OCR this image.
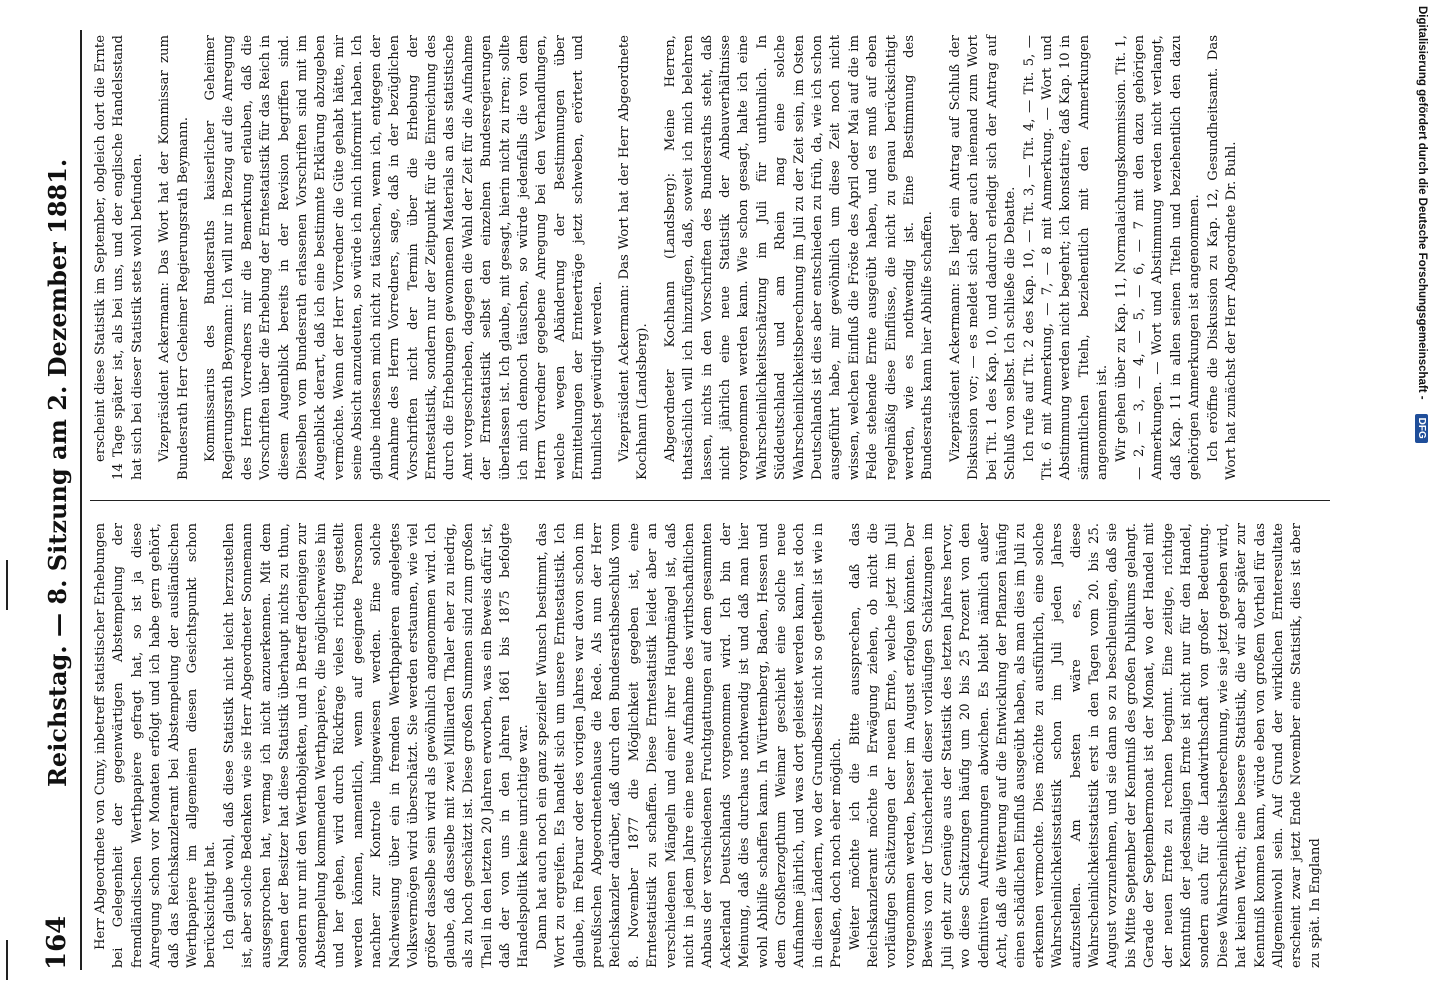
164
Reichstag. — 8. Sitzung am 2. Dezember 1881.

Herr Abgeordnete von Cuny, inbetreff statistischer Erhebungen bei Gelegenheit der gegenwärtigen Abstempelung der fremdländischen Werthpapiere gefragt hat, so ist ja diese Anregung schon vor Monaten erfolgt und ich habe gern gehört, daß das Reichskanzleramt bei Abstempelung der ausländischen Werthpapiere im allgemeinen diesen Gesichtspunkt schon berücksichtigt hat. Ich glaube wohl, daß diese Statistik nicht leicht herzustellen ist, aber solche Bedenken wie sie Herr Abgeordneter Sonnemann ausgesprochen hat, vermag ich nicht anzuerkennen. Mit dem Namen der Besitzer hat diese Statistik überhaupt nichts zu thun, sondern nur mit den Werthobjekten, und in Betreff derjenigen zur Abstempelung kommenden Werthpapiere, die möglicherweise hin und her gehen, wird durch Rückfrage vieles richtig gestellt werden können, namentlich, wenn auf geeignete Personen nachher zur Kontrole hingewiesen werden. Eine solche Nachweisung über ein in fremden Werthpapieren angelegtes Volksvermögen wird überschätzt. Sie werden erstaunen, wie viel größer dasselbe sein wird als gewöhnlich angenommen wird. Ich glaube, daß dasselbe mit zwei Milliarden Thaler eher zu niedrig, als zu hoch geschätzt ist. Diese großen Summen sind zum großen Theil in den letzten 20 Jahren erworben, was ein Beweis dafür ist, daß der von uns in den Jahren 1861 bis 1875 befolgte Handelspolitik keine unrichtige war. Dann hat auch noch ein ganz spezieller Wunsch bestimmt, das Wort zu ergreifen. Es handelt sich um unsere Erntestatistik. Ich glaube, im Februar oder des vorigen Jahres war davon schon im preußischen Abgeordnetenhause die Rede. Als nun der Herr Reichskanzler darüber, daß durch den Bundesrathsbeschluß vom 8. November 1877 die Möglichkeit gegeben ist, eine Erntestatistik zu schaffen. Diese Erntestatistik leidet aber an verschiedenen Mängeln und einer ihrer Hauptmängel ist, daß nicht in jedem Jahre eine neue Aufnahme des wirthschaftlichen Anbaus der verschiedenen Fruchtgattungen auf dem gesammten Ackerland Deutschlands vorgenommen wird. Ich bin der Meinung, daß dies durchaus nothwendig ist und daß man hier wohl Abhilfe schaffen kann. In Württemberg, Baden, Hessen und dem Großherzogthum Weimar geschieht eine solche neue Aufnahme jährlich, und was dort geleistet werden kann, ist doch in diesen Ländern, wo der Grundbesitz nicht so getheilt ist wie in Preußen, doch noch eher möglich. Weiter möchte ich die Bitte aussprechen, daß das Reichskanzleramt möchte in Erwägung ziehen, ob nicht die vorläufigen Schätzungen der neuen Ernte, welche jetzt im Juli vorgenommen werden, besser im August erfolgen könnten. Der Beweis von der Unsicherheit dieser vorläufigen Schätzungen im Juli geht zur Genüge aus der Statistik des letzten Jahres hervor, wo diese Schätzungen häufig um 20 bis 25 Prozent von den definitiven Aufrechnungen abwichen. Es bleibt nämlich außer Acht, daß die Witterung auf die Entwicklung der Pflanzen häufig einen schädlichen Einfluß ausgeübt haben, als man dies im Juli zu erkennen vermochte. Dies möchte zu ausführlich, eine solche Wahrscheinlichkeitsstatistik schon im Juli jeden Jahres aufzustellen. Am besten wäre es, diese Wahrscheinlichkeitsstatistik erst in den Tagen vom 20. bis 25. August vorzunehmen, und sie dann so zu beschleunigen, daß sie bis Mitte September der Kenntniß des großen Publikums gelangt. Gerade der Septembermonat ist der Monat, wo der Handel mit der neuen Ernte zu rechnen beginnt. Eine zeitige, richtige Kenntniß der jedesmaligen Ernte ist nicht nur für den Handel, sondern auch für die Landwirthschaft von großer Bedeutung. Diese Wahrscheinlichkeitsberechnung, wie sie jetzt gegeben wird, hat keinen Werth; eine bessere Statistik, die wir aber später zur Kenntniß kommen kann, würde eben von großem Vortheil für das Allgemeinwohl sein. Auf Grund der wirklichen Ernteresultate erscheint zwar jetzt Ende November eine Statistik, dies ist aber zu spät. In England

erscheint diese Statistik im September, obgleich dort die Ernte 14 Tage später ist, als bei uns, und der englische Handelsstand hat sich bei dieser Statistik stets wohl befunden. Vizepräsident Ackermann: Das Wort hat der Kommissar zum Bundesrath Herr Geheimer Regierungsrath Beymann. Kommissarius des Bundesraths kaiserlicher Geheimer Regierungsrath Beymann: Ich will nur in Bezug auf die Anregung des Herrn Vorredners mir die Bemerkung erlauben, daß die Vorschriften über die Erhebung der Erntestatistik für das Reich in diesem Augenblick bereits in der Revision begriffen sind. Dieselben vom Bundesrath erlassenen Vorschriften sind mit im Augenblick derart, daß ich eine bestimmte Erklärung abzugeben vermöchte. Wenn der Herr Vorredner die Güte gehabt hätte, mir seine Absicht anzudeuten, so würde ich mich informirt haben. Ich glaube indessen mich nicht zu täuschen, wenn ich, entgegen der Annahme des Herrn Vorredners, sage, daß in der bezüglichen Vorschriften nicht der Termin über die Erhebung der Erntestatistik, sondern nur der Zeitpunkt für die Einreichung des durch die Erhebungen gewonnenen Materials an das statistische Amt vorgeschrieben, dagegen die Wahl der Zeit für die Aufnahme der Erntestatistik selbst den einzelnen Bundesregierungen überlassen ist. Ich glaube, mit gesagt, hierin nicht zu irren; sollte ich mich dennoch täuschen, so würde jedenfalls die von dem Herrn Vorredner gegebene Anregung bei den Verhandlungen, welche wegen Abänderung der Bestimmungen über Ermittelungen der Ernteerträge jetzt schweben, erörtert und thunlichst gewürdigt werden. Vizepräsident Ackermann: Das Wort hat der Herr Abgeordnete Kochhann (Landsberg). Abgeordneter Kochhann (Landsberg): Meine Herren, thatsächlich will ich hinzufügen, daß, soweit ich mich belehren lassen, nichts in den Vorschriften des Bundesraths steht, daß nicht jährlich eine neue Statistik der Anbauverhältnisse vorgenommen werden kann. Wie schon gesagt, halte ich eine Wahrscheinlichkeitsschätzung im Juli für unthunlich. In Süddeutschland und am Rhein mag eine solche Wahrscheinlichkeitsberechnung im Juli zu der Zeit sein, im Osten Deutschlands ist dies aber entschieden zu früh, da, wie ich schon ausgeführt habe, mir gewöhnlich um diese Zeit noch nicht wissen, welchen Einfluß die Fröste des April oder Mai auf die im Felde stehende Ernte ausgeübt haben, und es muß auf eben regelmäßig diese Einflüsse, die nicht zu genau berücksichtigt werden, wie es nothwendig ist. Eine Bestimmung des Bundesraths kann hier Abhilfe schaffen. Vizepräsident Ackermann: Es liegt ein Antrag auf Schluß der Diskussion vor; — es meldet sich aber auch niemand zum Wort bei Tit. 1 des Kap. 10, und dadurch erledigt sich der Antrag auf Schluß von selbst. Ich schließe die Debatte. Ich rufe auf Tit. 2 des Kap. 10, — Tit. 3, — Tit. 4, — Tit. 5, — Tit. 6 mit Anmerkung, — 7, — 8 mit Anmerkung. — Wort und Abstimmung werden nicht begehrt; ich konstatire, daß Kap. 10 in sämmtlichen Titeln, beziehentlich mit den Anmerkungen angenommen ist. Wir gehen über zu Kap. 11, Normalaichungskommission. Tit. 1, — 2, — 3, — 4, — 5, — 6, — 7 mit den dazu gehörigen Anmerkungen. — Wort und Abstimmung werden nicht verlangt, daß Kap. 11 in allen seinen Titeln und beziehentlich den dazu gehörigen Anmerkungen ist angenommen. Ich eröffne die Diskussion zu Kap. 12, Gesundheitsamt. Das Wort hat zunächst der Herr Abgeordnete Dr. Buhl.	Digitalisierung gefördert durch die Deutsche Forschungsgemeinschaft -
DFG
